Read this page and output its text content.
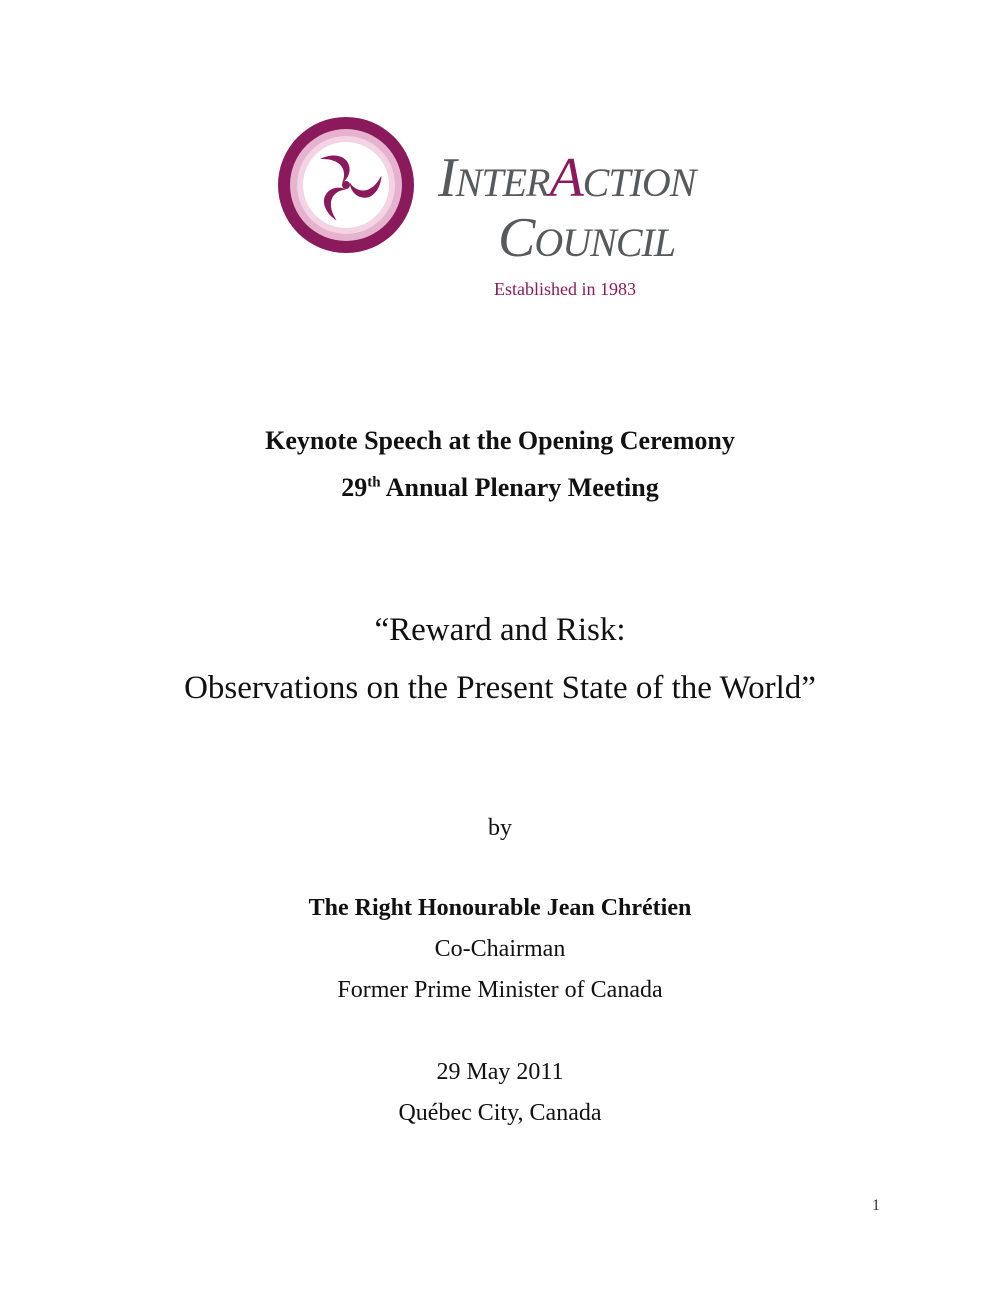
INTERACTION
COUNCIL
Established in 1983
Keynote Speech at the Opening Ceremony
29th Annual Plenary Meeting
“Reward and Risk:
Observations on the Present State of the World”
by
The Right Honourable Jean Chrétien
Co-Chairman
Former Prime Minister of Canada
29 May 2011
Québec City, Canada
1
